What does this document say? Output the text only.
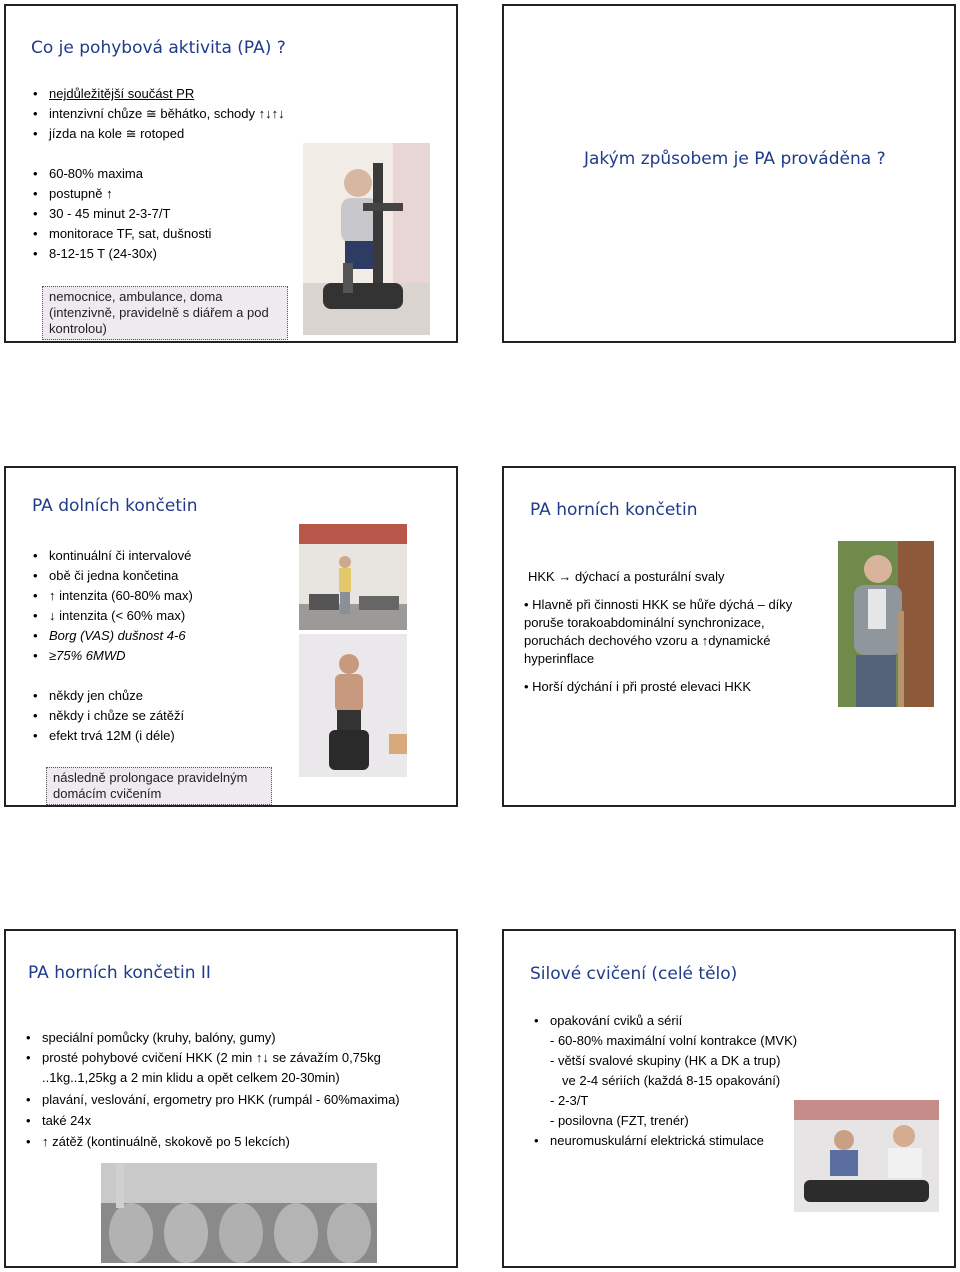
Co je pohybová aktivita (PA) ?
• nejdůležitější součást PR
• intenzivní chůze ≅ běhátko, schody ↑↓↑↓
• jízda na kole ≅ rotoped
• 60-80% maxima
• postupně ↑
• 30 - 45 minut 2-3-7/T
• monitorace TF, sat, dušnosti
• 8-12-15 T (24-30x)
nemocnice, ambulance, doma (intenzivně, pravidelně s diářem a pod kontrolou)
Jakým způsobem je PA prováděna ?
PA dolních končetin
• kontinuální či intervalové
• obě či jedna končetina
• ↑ intenzita (60-80% max)
• ↓ intenzita (< 60% max)
• Borg (VAS) dušnost 4-6
• ≥75% 6MWD
• někdy jen chůze
• někdy i chůze se zátěží
• efekt trvá 12M (i déle)
následně prolongace pravidelným domácím cvičením
PA horních končetin
HKK → dýchací a posturální svaly
• Hlavně při činnosti HKK se hůře dýchá – díky poruše torakoabdominální synchronizace, poruchách dechového vzoru a ↑dynamické hyperinflace
• Horší dýchání i při prosté elevaci HKK
PA horních končetin II
• speciální pomůcky (kruhy, balóny, gumy)
• prosté pohybové cvičení HKK (2 min ↑↓ se závažím 0,75kg ..1kg..1,25kg a 2 min klidu a opět celkem 20-30min)
• plavání, veslování, ergometry pro HKK (rumpál - 60%maxima)
• také 24x
• ↑ zátěž (kontinuálně, skokově po 5 lekcích)
Silové cvičení (celé tělo)
• opakování cviků a sérií
- 60-80% maximální volní kontrakce (MVK)
- větší svalové skupiny (HK a DK a trup)
ve 2-4 sériích (každá 8-15 opakování)
- 2-3/T
- posilovna (FZT, trenér)
• neuromuskulární elektrická stimulace
